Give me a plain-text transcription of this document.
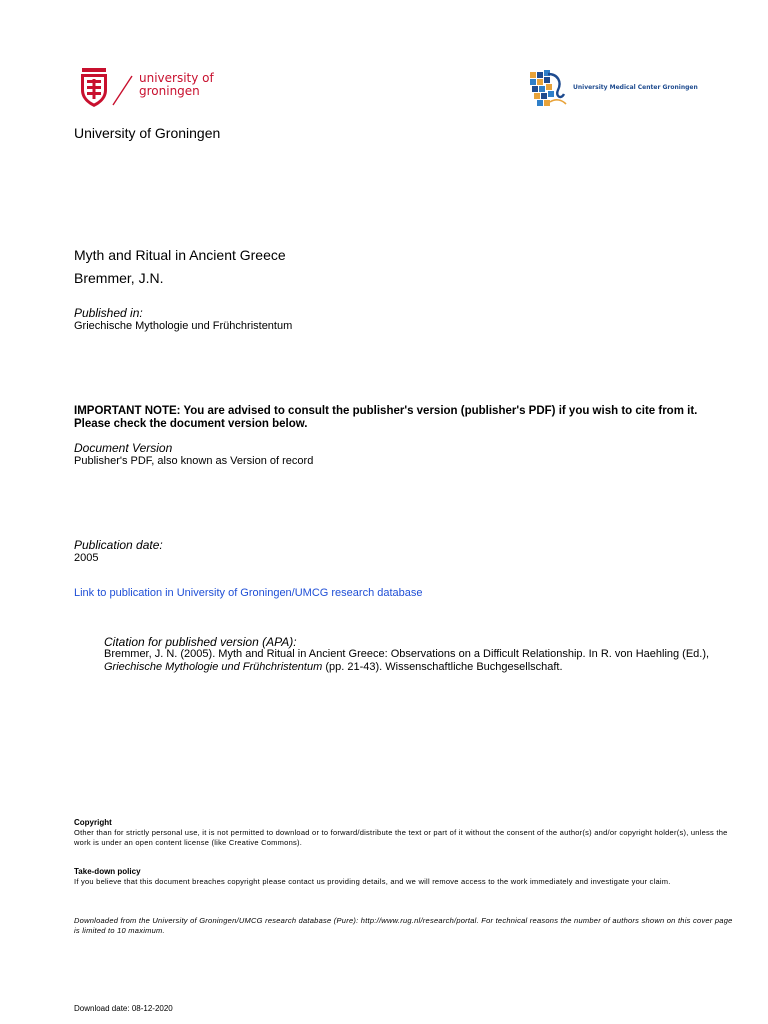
university of
groningen	University Medical Center Groningen
University of Groningen
Myth and Ritual in Ancient Greece
Bremmer, J.N.
Published in:
Griechische Mythologie und Frühchristentum
IMPORTANT NOTE: You are advised to consult the publisher's version (publisher's PDF) if you wish to cite from it. Please check the document version below.
Document Version
Publisher's PDF, also known as Version of record
Publication date:
2005
Link to publication in University of Groningen/UMCG research database
Citation for published version (APA):
Bremmer, J. N. (2005). Myth and Ritual in Ancient Greece: Observations on a Difficult Relationship. In R. von Haehling (Ed.), Griechische Mythologie und Frühchristentum (pp. 21-43). Wissenschaftliche Buchgesellschaft.
Copyright
Other than for strictly personal use, it is not permitted to download or to forward/distribute the text or part of it without the consent of the author(s) and/or copyright holder(s), unless the work is under an open content license (like Creative Commons).
Take-down policy
If you believe that this document breaches copyright please contact us providing details, and we will remove access to the work immediately and investigate your claim.
Downloaded from the University of Groningen/UMCG research database (Pure): http://www.rug.nl/research/portal. For technical reasons the number of authors shown on this cover page is limited to 10 maximum.
Download date: 08-12-2020
